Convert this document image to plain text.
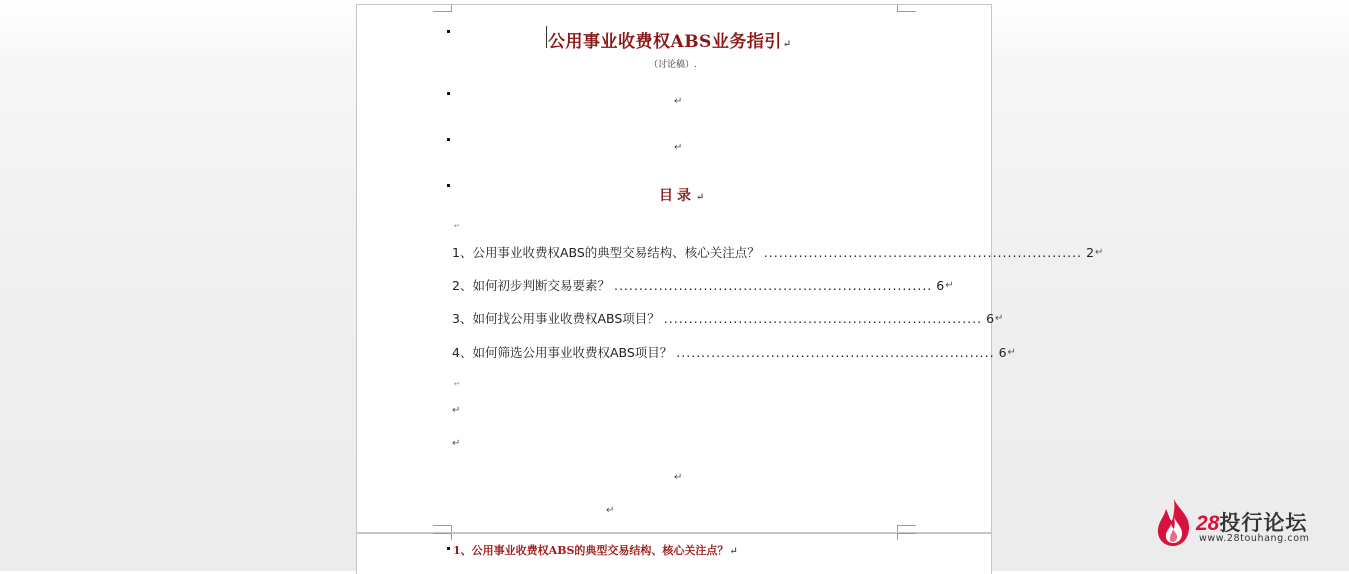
公用事业收费权ABS业务指引↵
（讨论稿）.
↵
↵
目录↵
↵
1、公用事业收费权ABS的典型交易结构、核心关注点？ ................................................................ 2 ↵
2、如何初步判断交易要素？ ................................................................ 6 ↵
3、如何找公用事业收费权ABS项目？ ................................................................ 6 ↵
4、如何筛选公用事业收费权ABS项目？ ................................................................ 6 ↵
↵
↵
↵
↵
↵
1、公用事业收费权ABS的典型交易结构、核心关注点？↵
28投行论坛
www.28touhang.com
